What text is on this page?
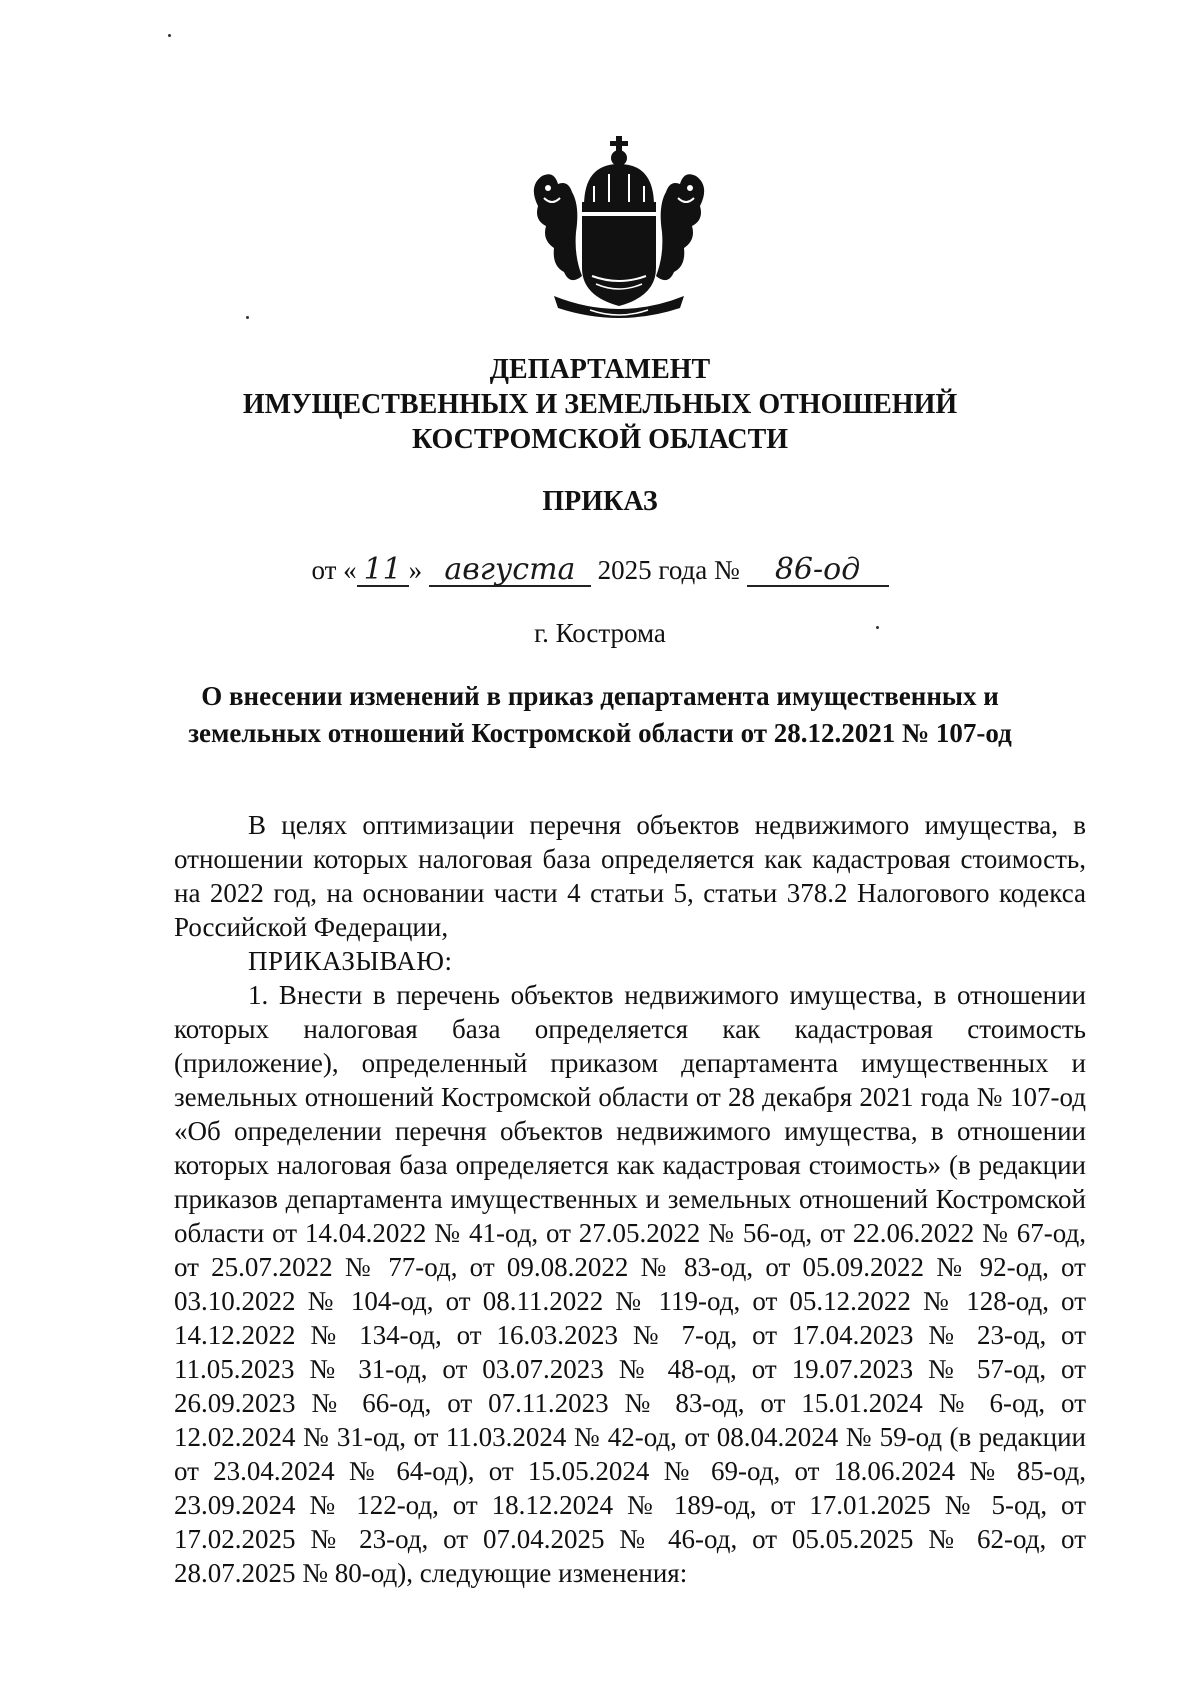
ДЕПАРТАМЕНТ
ИМУЩЕСТВЕННЫХ И ЗЕМЕЛЬНЫХ ОТНОШЕНИЙ
КОСТРОМСКОЙ ОБЛАСТИ
ПРИКАЗ
от « 11 » августа 2025 года № 86-од
г. Кострома
О внесении изменений в приказ департамента имущественных и
земельных отношений Костромской области от 28.12.2021 № 107-од

В целях оптимизации перечня объектов недвижимого имущества, в отношении которых налоговая база определяется как кадастровая стоимость, на 2022 год, на основании части 4 статьи 5, статьи 378.2 Налогового кодекса Российской Федерации,

ПРИКАЗЫВАЮ:

1. Внести в перечень объектов недвижимого имущества, в отношении которых налоговая база определяется как кадастровая стоимость (приложение), определенный приказом департамента имущественных и земельных отношений Костромской области от 28 декабря 2021 года № 107-од «Об определении перечня объектов недвижимого имущества, в отношении которых налоговая база определяется как кадастровая стоимость» (в редакции приказов департамента имущественных и земельных отношений Костромской области от 14.04.2022 № 41-од, от 27.05.2022 № 56-од, от 22.06.2022 № 67-од, от 25.07.2022 № 77-од, от 09.08.2022 № 83-од, от 05.09.2022 № 92-од, от 03.10.2022 № 104-од, от 08.11.2022 № 119-од, от 05.12.2022 № 128-од, от 14.12.2022 № 134-од, от 16.03.2023 № 7-од, от 17.04.2023 № 23-од, от 11.05.2023 № 31-од, от 03.07.2023 № 48-од, от 19.07.2023 № 57-од, от 26.09.2023 № 66-од, от 07.11.2023 № 83-од, от 15.01.2024 № 6-од, от 12.02.2024 № 31-од, от 11.03.2024 № 42-од, от 08.04.2024 № 59-од (в редакции от 23.04.2024 № 64-од), от 15.05.2024 № 69-од, от 18.06.2024 № 85-од, 23.09.2024 № 122-од, от 18.12.2024 № 189-од, от 17.01.2025 № 5-од, от 17.02.2025 № 23-од, от 07.04.2025 № 46-од, от 05.05.2025 № 62-од, от 28.07.2025 № 80-од), следующие изменения:
